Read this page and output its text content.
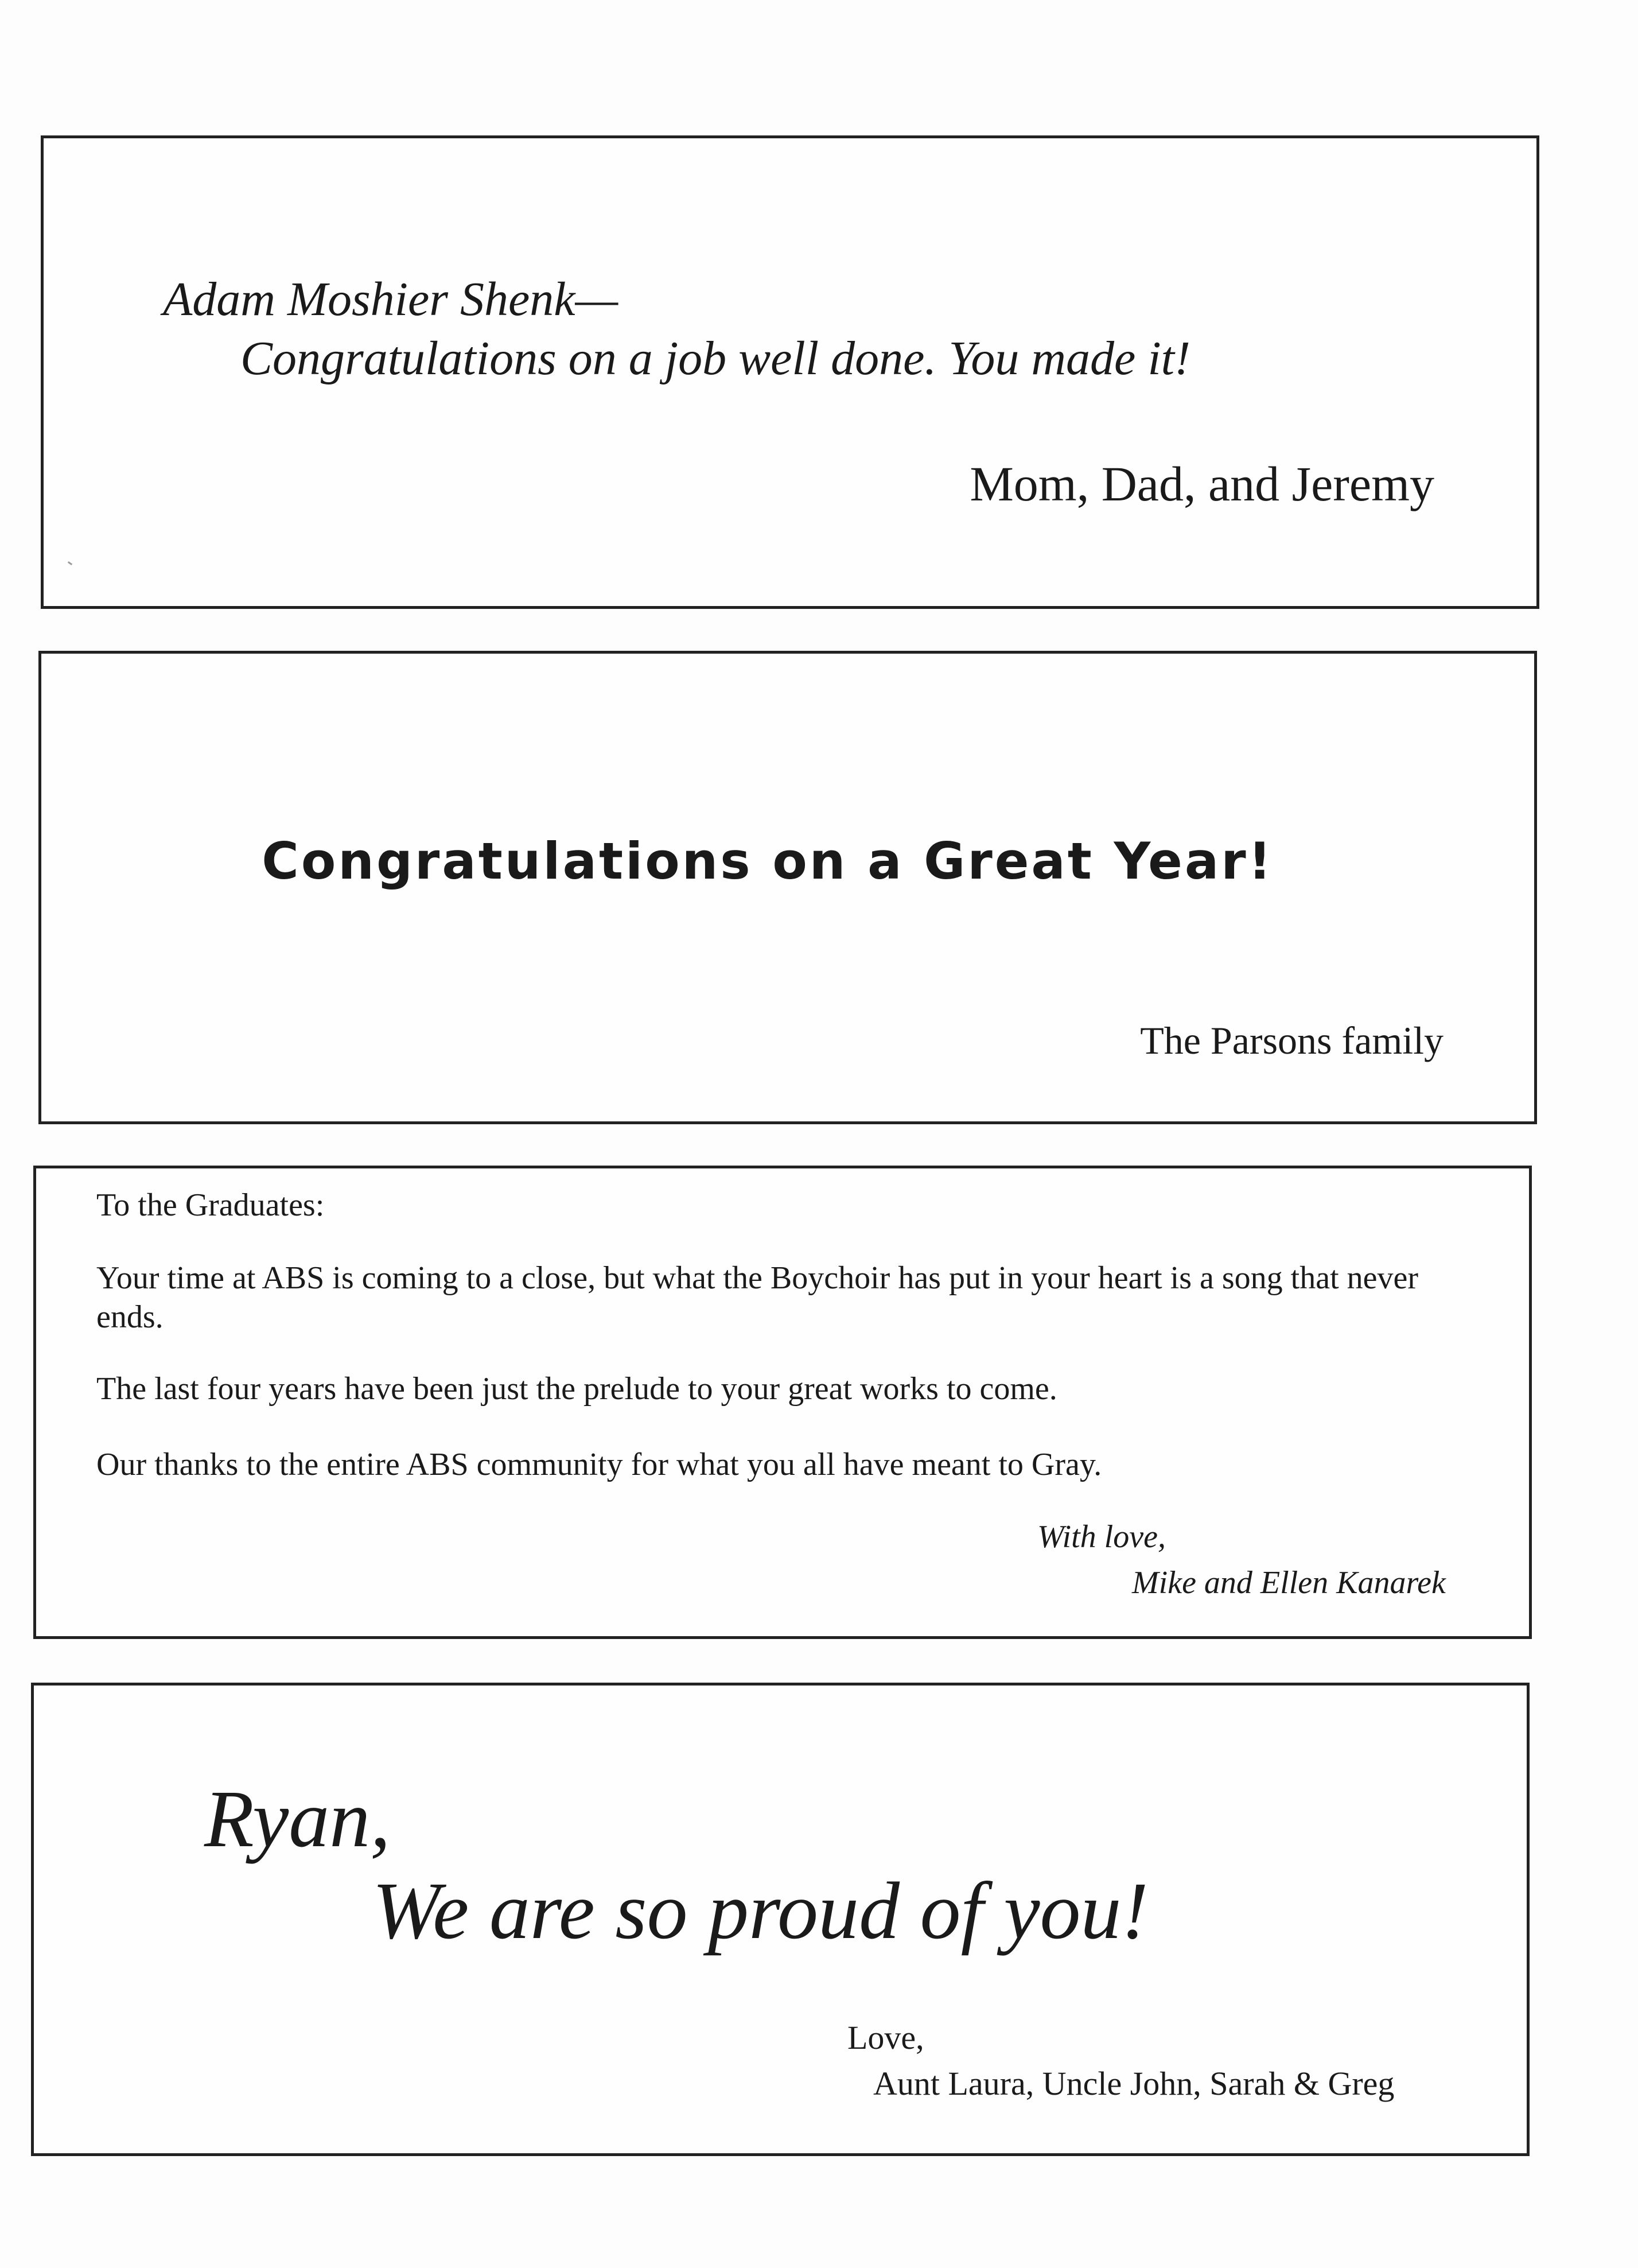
Adam Moshier Shenk—
Congratulations on a job well done. You made it!
Mom, Dad, and Jeremy
Congratulations on a Great Year!
The Parsons family
To the Graduates:
Your time at ABS is coming to a close, but what the Boychoir has put in your heart is a song that never ends.
The last four years have been just the prelude to your great works to come.
Our thanks to the entire ABS community for what you all have meant to Gray.
With love,
Mike and Ellen Kanarek
Ryan,
We are so proud of you!
Love,
Aunt Laura, Uncle John, Sarah & Greg
